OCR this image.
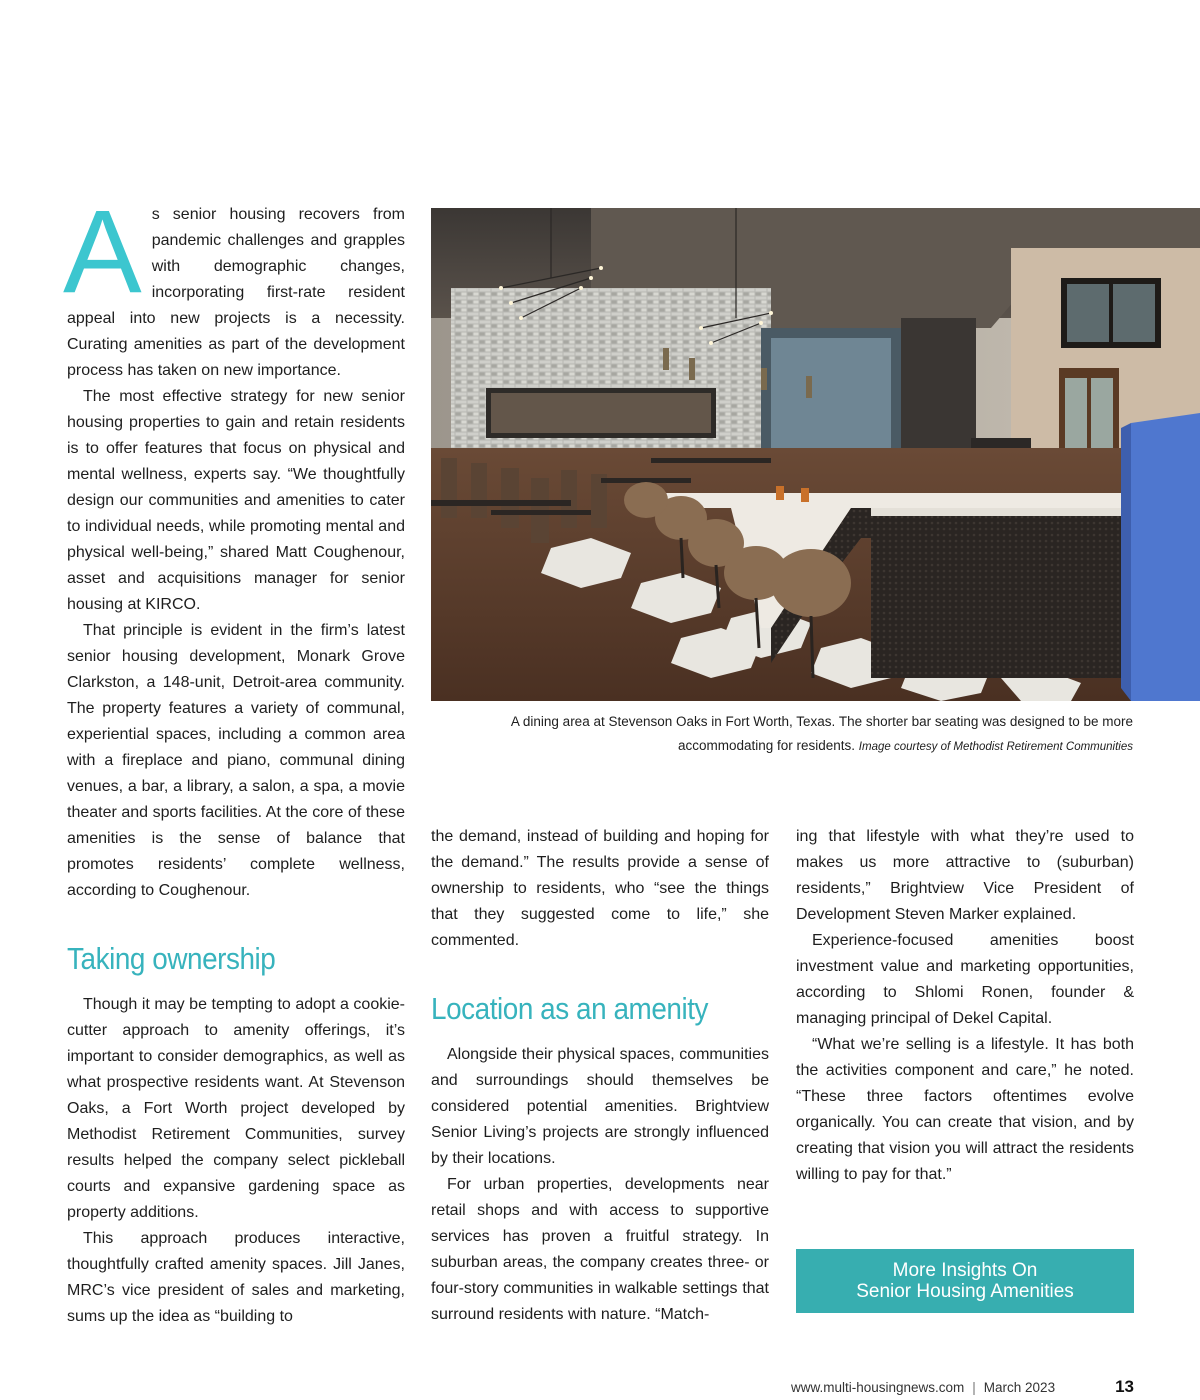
As senior housing recovers from pandemic challenges and grapples with demographic changes, incorporating first-rate resident appeal into new projects is a necessity. Curating amenities as part of the development process has taken on new importance.

The most effective strategy for new senior housing properties to gain and retain residents is to offer features that focus on physical and mental wellness, experts say. “We thoughtfully design our communities and amenities to cater to individual needs, while promoting mental and physical well-being,” shared Matt Coughenour, asset and acquisitions manager for senior housing at KIRCO.

That principle is evident in the firm’s latest senior housing development, Monark Grove Clarkston, a 148-unit, Detroit-area community. The property features a variety of communal, experiential spaces, including a common area with a fireplace and piano, communal dining venues, a bar, a library, a salon, a spa, a movie theater and sports facilities. At the core of these amenities is the sense of balance that promotes residents’ complete wellness, according to Coughenour.

Taking ownership

Though it may be tempting to adopt a cookie-cutter approach to amenity offerings, it’s important to consider demographics, as well as what prospective residents want. At Stevenson Oaks, a Fort Worth project developed by Methodist Retirement Communities, survey results helped the company select pickleball courts and expansive gardening space as property additions.

This approach produces interactive, thoughtfully crafted amenity spaces. Jill Janes, MRC’s vice president of sales and marketing, sums up the idea as “building to

A dining area at Stevenson Oaks in Fort Worth, Texas. The shorter bar seating was designed to be more accommodating for residents. Image courtesy of Methodist Retirement Communities

the demand, instead of building and hoping for the demand.” The results provide a sense of ownership to residents, who “see the things that they suggested come to life,” she commented.

Location as an amenity

Alongside their physical spaces, communities and surroundings should themselves be considered potential amenities. Brightview Senior Living’s projects are strongly influenced by their locations.

For urban properties, developments near retail shops and with access to supportive services has proven a fruitful strategy. In suburban areas, the company creates three- or four-story communities in walkable settings that surround residents with nature. “Match-

ing that lifestyle with what they’re used to makes us more attractive to (suburban) residents,” Brightview Vice President of Development Steven Marker explained.

Experience-focused amenities boost investment value and marketing opportunities, according to Shlomi Ronen, founder & managing principal of Dekel Capital.

“What we’re selling is a lifestyle. It has both the activities component and care,” he noted. “These three factors oftentimes evolve organically. You can create that vision, and by creating that vision you will attract the residents willing to pay for that.”

More Insights On
Senior Housing Amenities
www.multi-housingnews.com | March 2023	13
